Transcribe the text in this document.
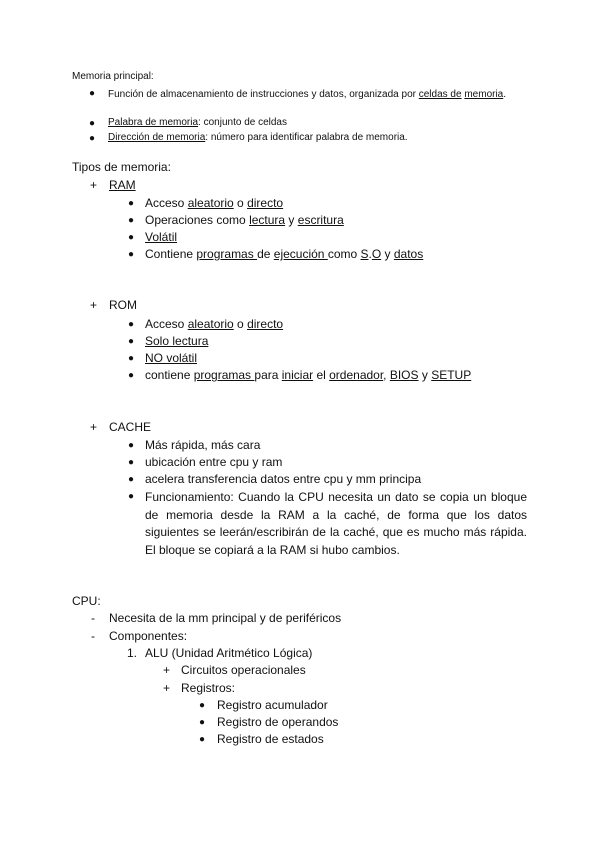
Memoria principal:
● Función de almacenamiento de instrucciones y datos, organizada por celdas de memoria.
● Palabra de memoria: conjunto de celdas
● Dirección de memoria: número para identificar palabra de memoria.
Tipos de memoria:
+ RAM
● Acceso aleatorio o directo
● Operaciones como lectura y escritura
● Volátil
● Contiene programas de ejecución como S.O y datos
+ ROM
● Acceso aleatorio o directo
● Solo lectura
● NO volátil
● contiene programas para iniciar el ordenador, BIOS y SETUP
+ CACHE
● Más rápida, más cara
● ubicación entre cpu y ram
● acelera transferencia datos entre cpu y mm principa
● Funcionamiento: Cuando la CPU necesita un dato se copia un bloque de memoria desde la RAM a la caché, de forma que los datos siguientes se leerán/escribirán de la caché, que es mucho más rápida. El bloque se copiará a la RAM si hubo cambios.
CPU:
- Necesita de la mm principal y de periféricos
- Componentes:
1. ALU (Unidad Aritmético Lógica)
+ Circuitos operacionales
+ Registros:
● Registro acumulador
● Registro de operandos
● Registro de estados
